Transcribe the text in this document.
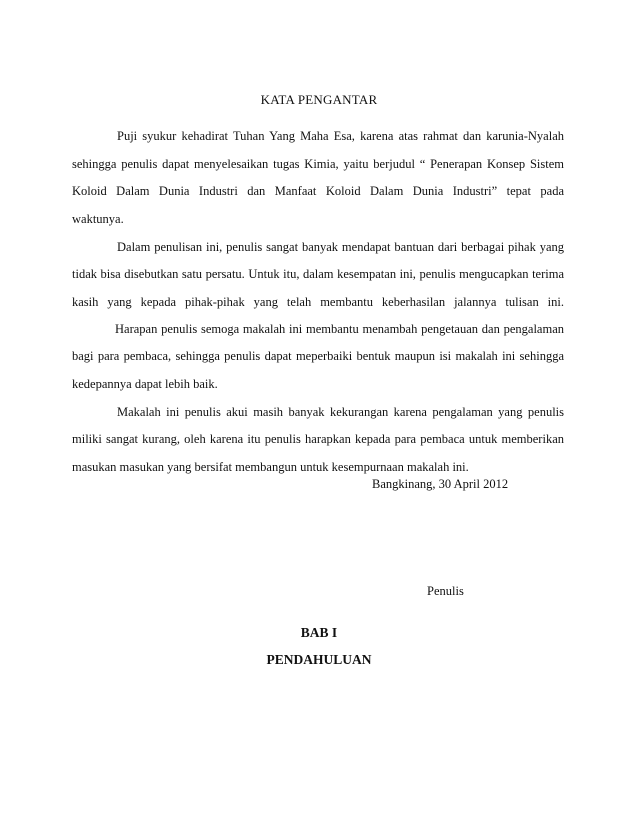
KATA PENGANTAR
Puji syukur kehadirat Tuhan Yang Maha Esa, karena atas rahmat dan karunia-Nyalah
sehingga penulis dapat menyelesaikan tugas Kimia, yaitu berjudul “ Penerapan Konsep Sistem
Koloid Dalam Dunia Industri dan Manfaat Koloid Dalam Dunia Industri” tepat pada
waktunya.
Dalam penulisan ini, penulis sangat banyak mendapat bantuan dari berbagai pihak yang
tidak bisa disebutkan satu persatu. Untuk itu, dalam kesempatan ini, penulis mengucapkan terima
kasih yang kepada pihak-pihak yang telah membantu keberhasilan jalannya tulisan ini.
Harapan penulis semoga makalah ini membantu menambah pengetauan dan pengalaman
bagi para pembaca, sehingga penulis dapat meperbaiki bentuk maupun isi makalah ini sehingga
kedepannya dapat lebih baik.
Makalah ini penulis akui masih banyak kekurangan karena pengalaman yang penulis
miliki sangat kurang, oleh karena itu penulis harapkan kepada para pembaca untuk memberikan
masukan masukan yang bersifat membangun untuk kesempurnaan makalah ini.
Bangkinang, 30 April 2012
Penulis
BAB I
PENDAHULUAN
